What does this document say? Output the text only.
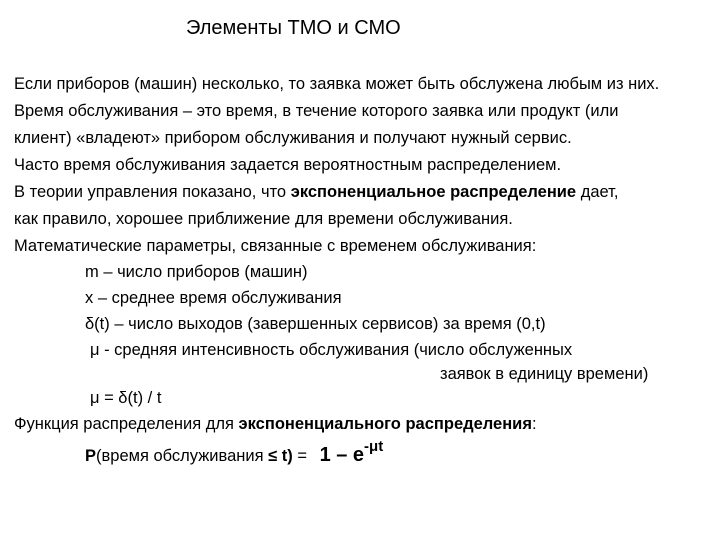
Элементы ТМО и СМО
Если приборов (машин) несколько, то заявка может быть обслужена любым из них.
Время обслуживания – это время, в течение которого заявка или продукт (или
клиент) «владеют» прибором обслуживания и получают нужный сервис.
Часто время обслуживания задается вероятностным распределением.
В теории управления показано, что экспоненциальное распределение дает,
как правило, хорошее приближение для времени обслуживания.
Математические параметры, связанные с временем обслуживания:
m – число приборов (машин)
x – среднее время обслуживания
δ(t) – число выходов (завершенных сервисов) за время (0,t)
μ - средняя интенсивность обслуживания (число обслуженных
заявок в единицу времени)
μ = δ(t) / t
Функция распределения для экспоненциального распределения:
P(время обслуживания ≤ t) = 1 – e-μt
